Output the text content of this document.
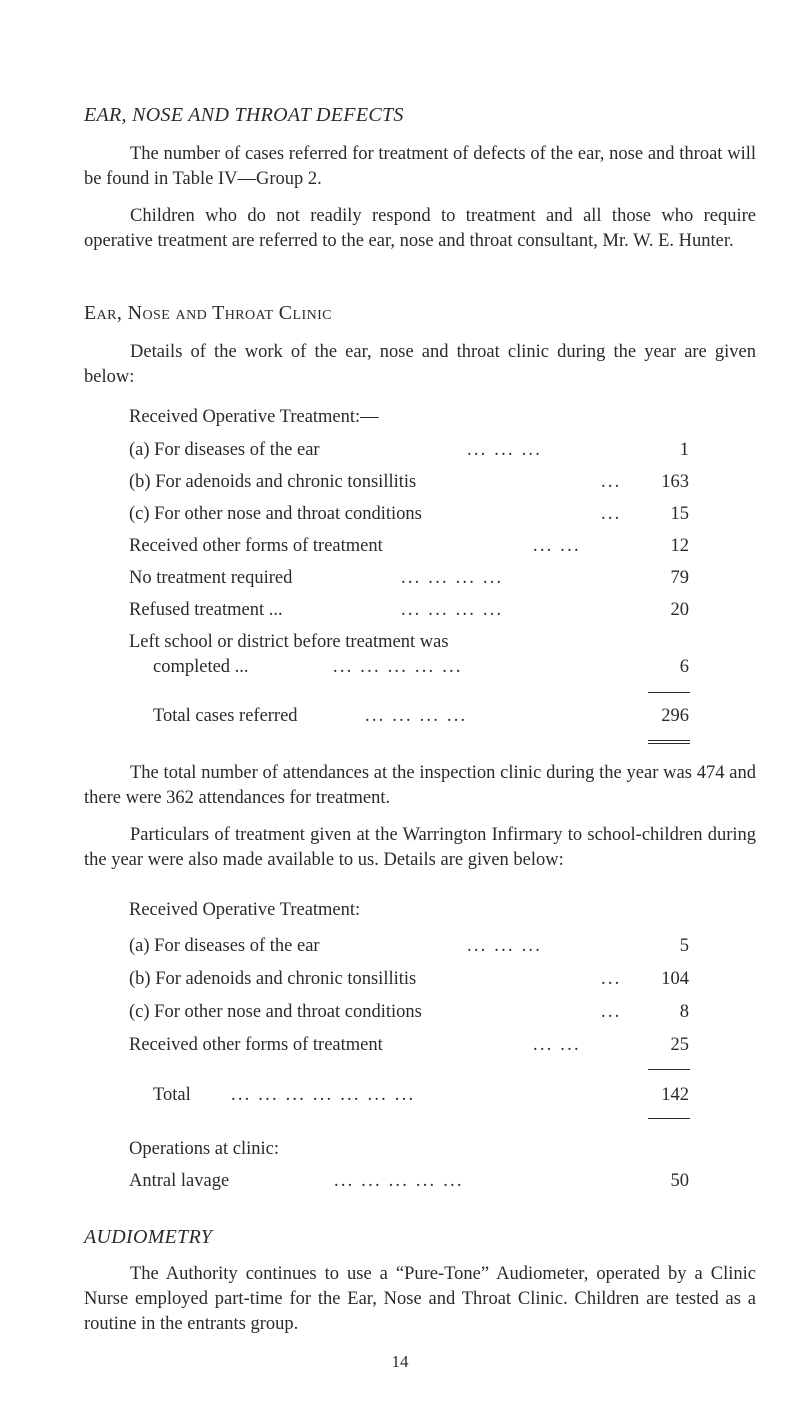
EAR, NOSE AND THROAT DEFECTS

The number of cases referred for treatment of defects of the ear, nose and throat will be found in Table IV—Group 2.

Children who do not readily respond to treatment and all those who require operative treatment are referred to the ear, nose and throat consultant, Mr. W. E. Hunter.

Ear, Nose and Throat Clinic

Details of the work of the ear, nose and throat clinic during the year are given below:

Received Operative Treatment:—
(a) For diseases of the ear	... ... ...	1
(b) For adenoids and chronic tonsillitis	... 163
(c) For other nose and throat conditions	...	15
Received other forms of treatment	... ...	12
No treatment required	... ... ... ...	79
Refused treatment ...	... ... ... ...	20
Left school or district before treatment was
completed ...	... ... ... ... ...	6
Total cases referred	... ... ... ...	296

The total number of attendances at the inspection clinic during the year was 474 and there were 362 attendances for treatment.

Particulars of treatment given at the Warrington Infirmary to school-children during the year were also made available to us. Details are given below:

Received Operative Treatment:
(a) For diseases of the ear	... ... ...	5
(b) For adenoids and chronic tonsillitis	... 104
(c) For other nose and throat conditions	...	8
Received other forms of treatment	... ...	25
Total ... ... ... ... ... ... ...	142
Operations at clinic:
Antral lavage	... ... ... ... ...	50
AUDIOMETRY

The Authority continues to use a “Pure-Tone” Audiometer, operated by a Clinic Nurse employed part-time for the Ear, Nose and Throat Clinic. Children are tested as a routine in the entrants group.

14
